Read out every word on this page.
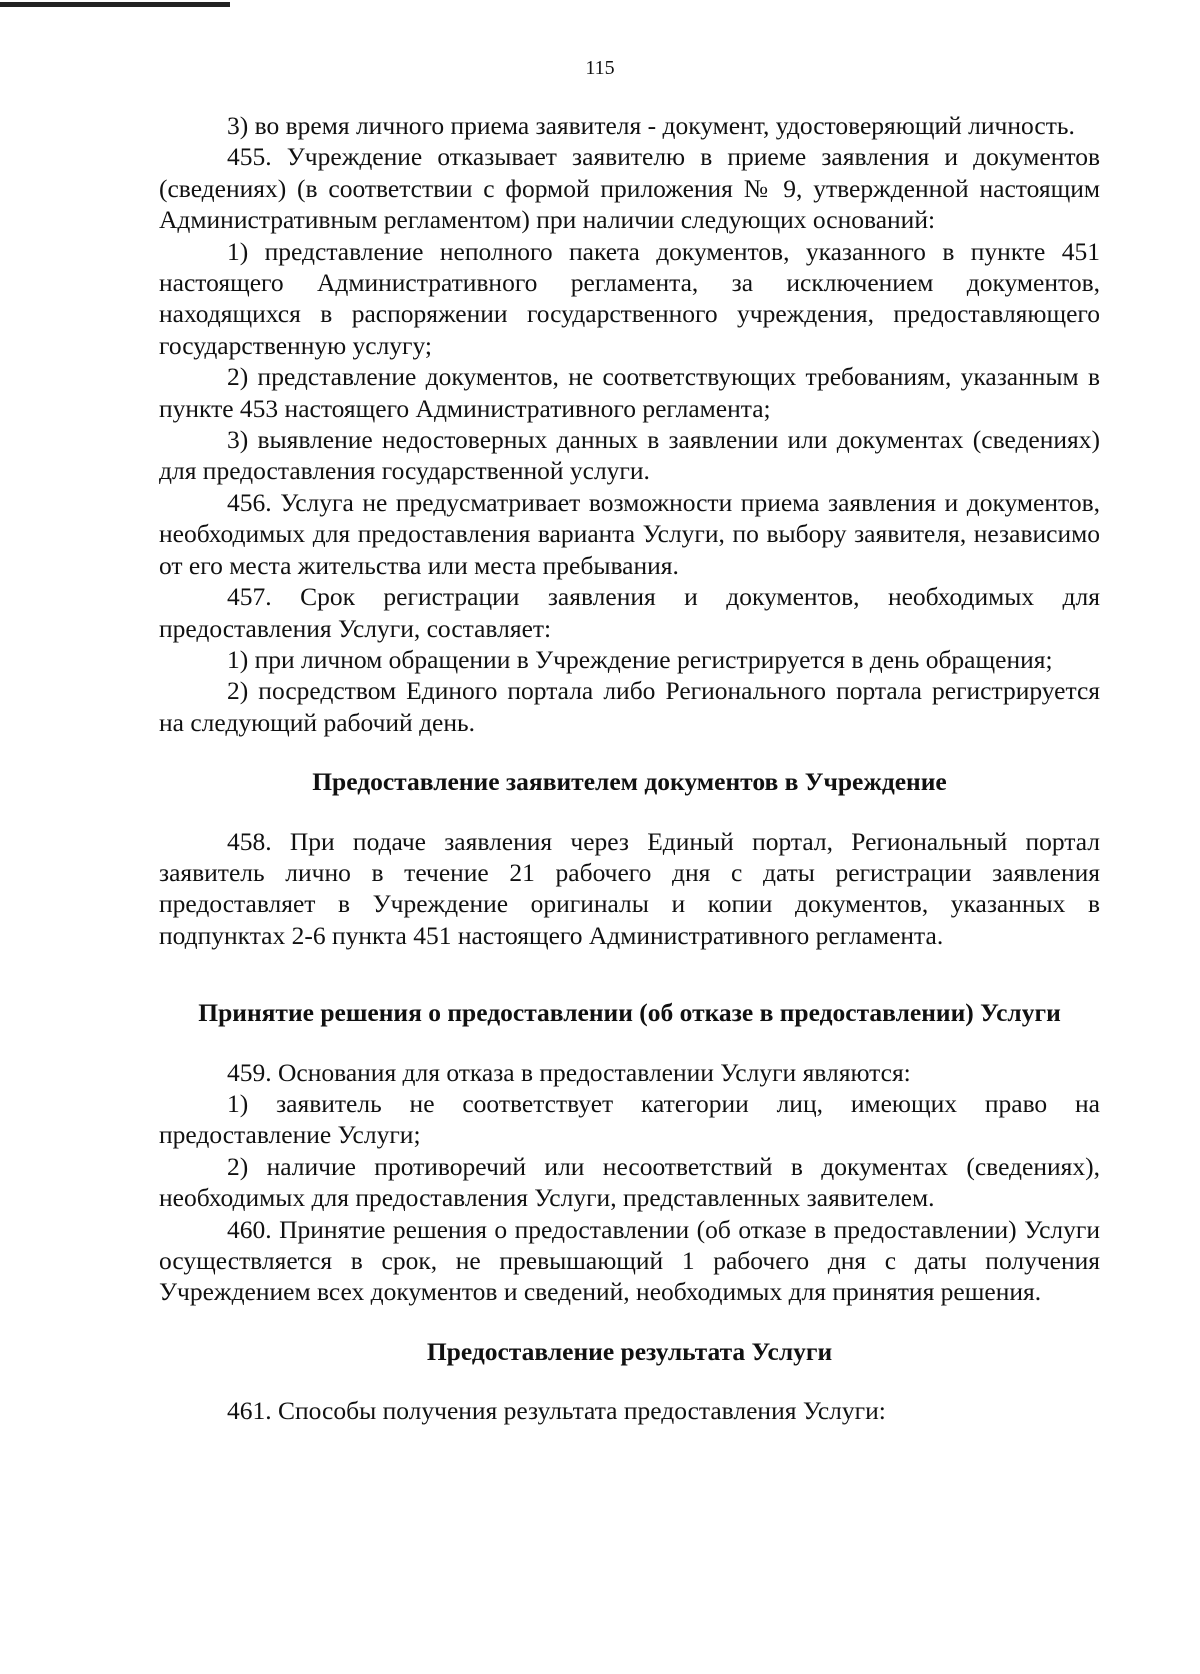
115

3) во время личного приема заявителя - документ, удостоверяющий личность.

455. Учреждение отказывает заявителю в приеме заявления и документов (сведениях) (в соответствии с формой приложения № 9, утвержденной настоящим Административным регламентом) при наличии следующих оснований:

1) представление неполного пакета документов, указанного в пункте 451 настоящего Административного регламента, за исключением документов, находящихся в распоряжении государственного учреждения, предоставляющего государственную услугу;

2) представление документов, не соответствующих требованиям, указанным в пункте 453 настоящего Административного регламента;

3) выявление недостоверных данных в заявлении или документах (сведениях) для предоставления государственной услуги.

456. Услуга не предусматривает возможности приема заявления и документов, необходимых для предоставления варианта Услуги, по выбору заявителя, независимо от его места жительства или места пребывания.

457. Срок регистрации заявления и документов, необходимых для предоставления Услуги, составляет:

1) при личном обращении в Учреждение регистрируется в день обращения;

2) посредством Единого портала либо Регионального портала регистрируется на следующий рабочий день.

Предоставление заявителем документов в Учреждение

458. При подаче заявления через Единый портал, Региональный портал заявитель лично в течение 21 рабочего дня с даты регистрации заявления предоставляет в Учреждение оригиналы и копии документов, указанных в подпунктах 2-6 пункта 451 настоящего Административного регламента.

Принятие решения о предоставлении (об отказе в предоставлении) Услуги

459. Основания для отказа в предоставлении Услуги являются:

1) заявитель не соответствует категории лиц, имеющих право на предоставление Услуги;

2) наличие противоречий или несоответствий в документах (сведениях), необходимых для предоставления Услуги, представленных заявителем.

460. Принятие решения о предоставлении (об отказе в предоставлении) Услуги осуществляется в срок, не превышающий 1 рабочего дня с даты получения Учреждением всех документов и сведений, необходимых для принятия решения.

Предоставление результата Услуги

461. Способы получения результата предоставления Услуги:
